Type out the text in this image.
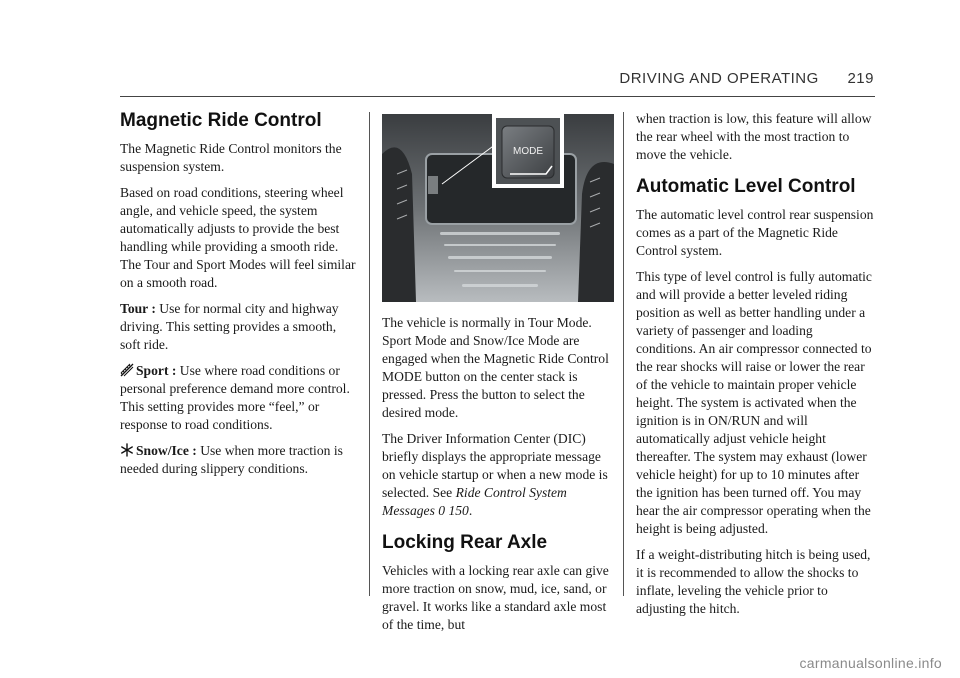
DRIVING AND OPERATING 219
Magnetic Ride Control

The Magnetic Ride Control monitors the suspension system.

Based on road conditions, steering wheel angle, and vehicle speed, the system automatically adjusts to provide the best handling while providing a smooth ride. The Tour and Sport Modes will feel similar on a smooth road.

Tour : Use for normal city and highway driving. This setting provides a smooth, soft ride.

Sport : Use where road conditions or personal preference demand more control. This setting provides more “feel,” or response to road conditions.

Snow/Ice : Use when more traction is needed during slippery conditions.

MODE

The vehicle is normally in Tour Mode. Sport Mode and Snow/Ice Mode are engaged when the Magnetic Ride Control MODE button on the center stack is pressed. Press the button to select the desired mode.

The Driver Information Center (DIC) briefly displays the appropriate message on vehicle startup or when a new mode is selected. See Ride Control System Messages 0 150.

Locking Rear Axle

Vehicles with a locking rear axle can give more traction on snow, mud, ice, sand, or gravel. It works like a standard axle most of the time, but

when traction is low, this feature will allow the rear wheel with the most traction to move the vehicle.

Automatic Level Control

The automatic level control rear suspension comes as a part of the Magnetic Ride Control system.

This type of level control is fully automatic and will provide a better leveled riding position as well as better handling under a variety of passenger and loading conditions. An air compressor connected to the rear shocks will raise or lower the rear of the vehicle to maintain proper vehicle height. The system is activated when the ignition is in ON/RUN and will automatically adjust vehicle height thereafter. The system may exhaust (lower vehicle height) for up to 10 minutes after the ignition has been turned off. You may hear the air compressor operating when the height is being adjusted.

If a weight-distributing hitch is being used, it is recommended to allow the shocks to inflate, leveling the vehicle prior to adjusting the hitch.

carmanualsonline.info
